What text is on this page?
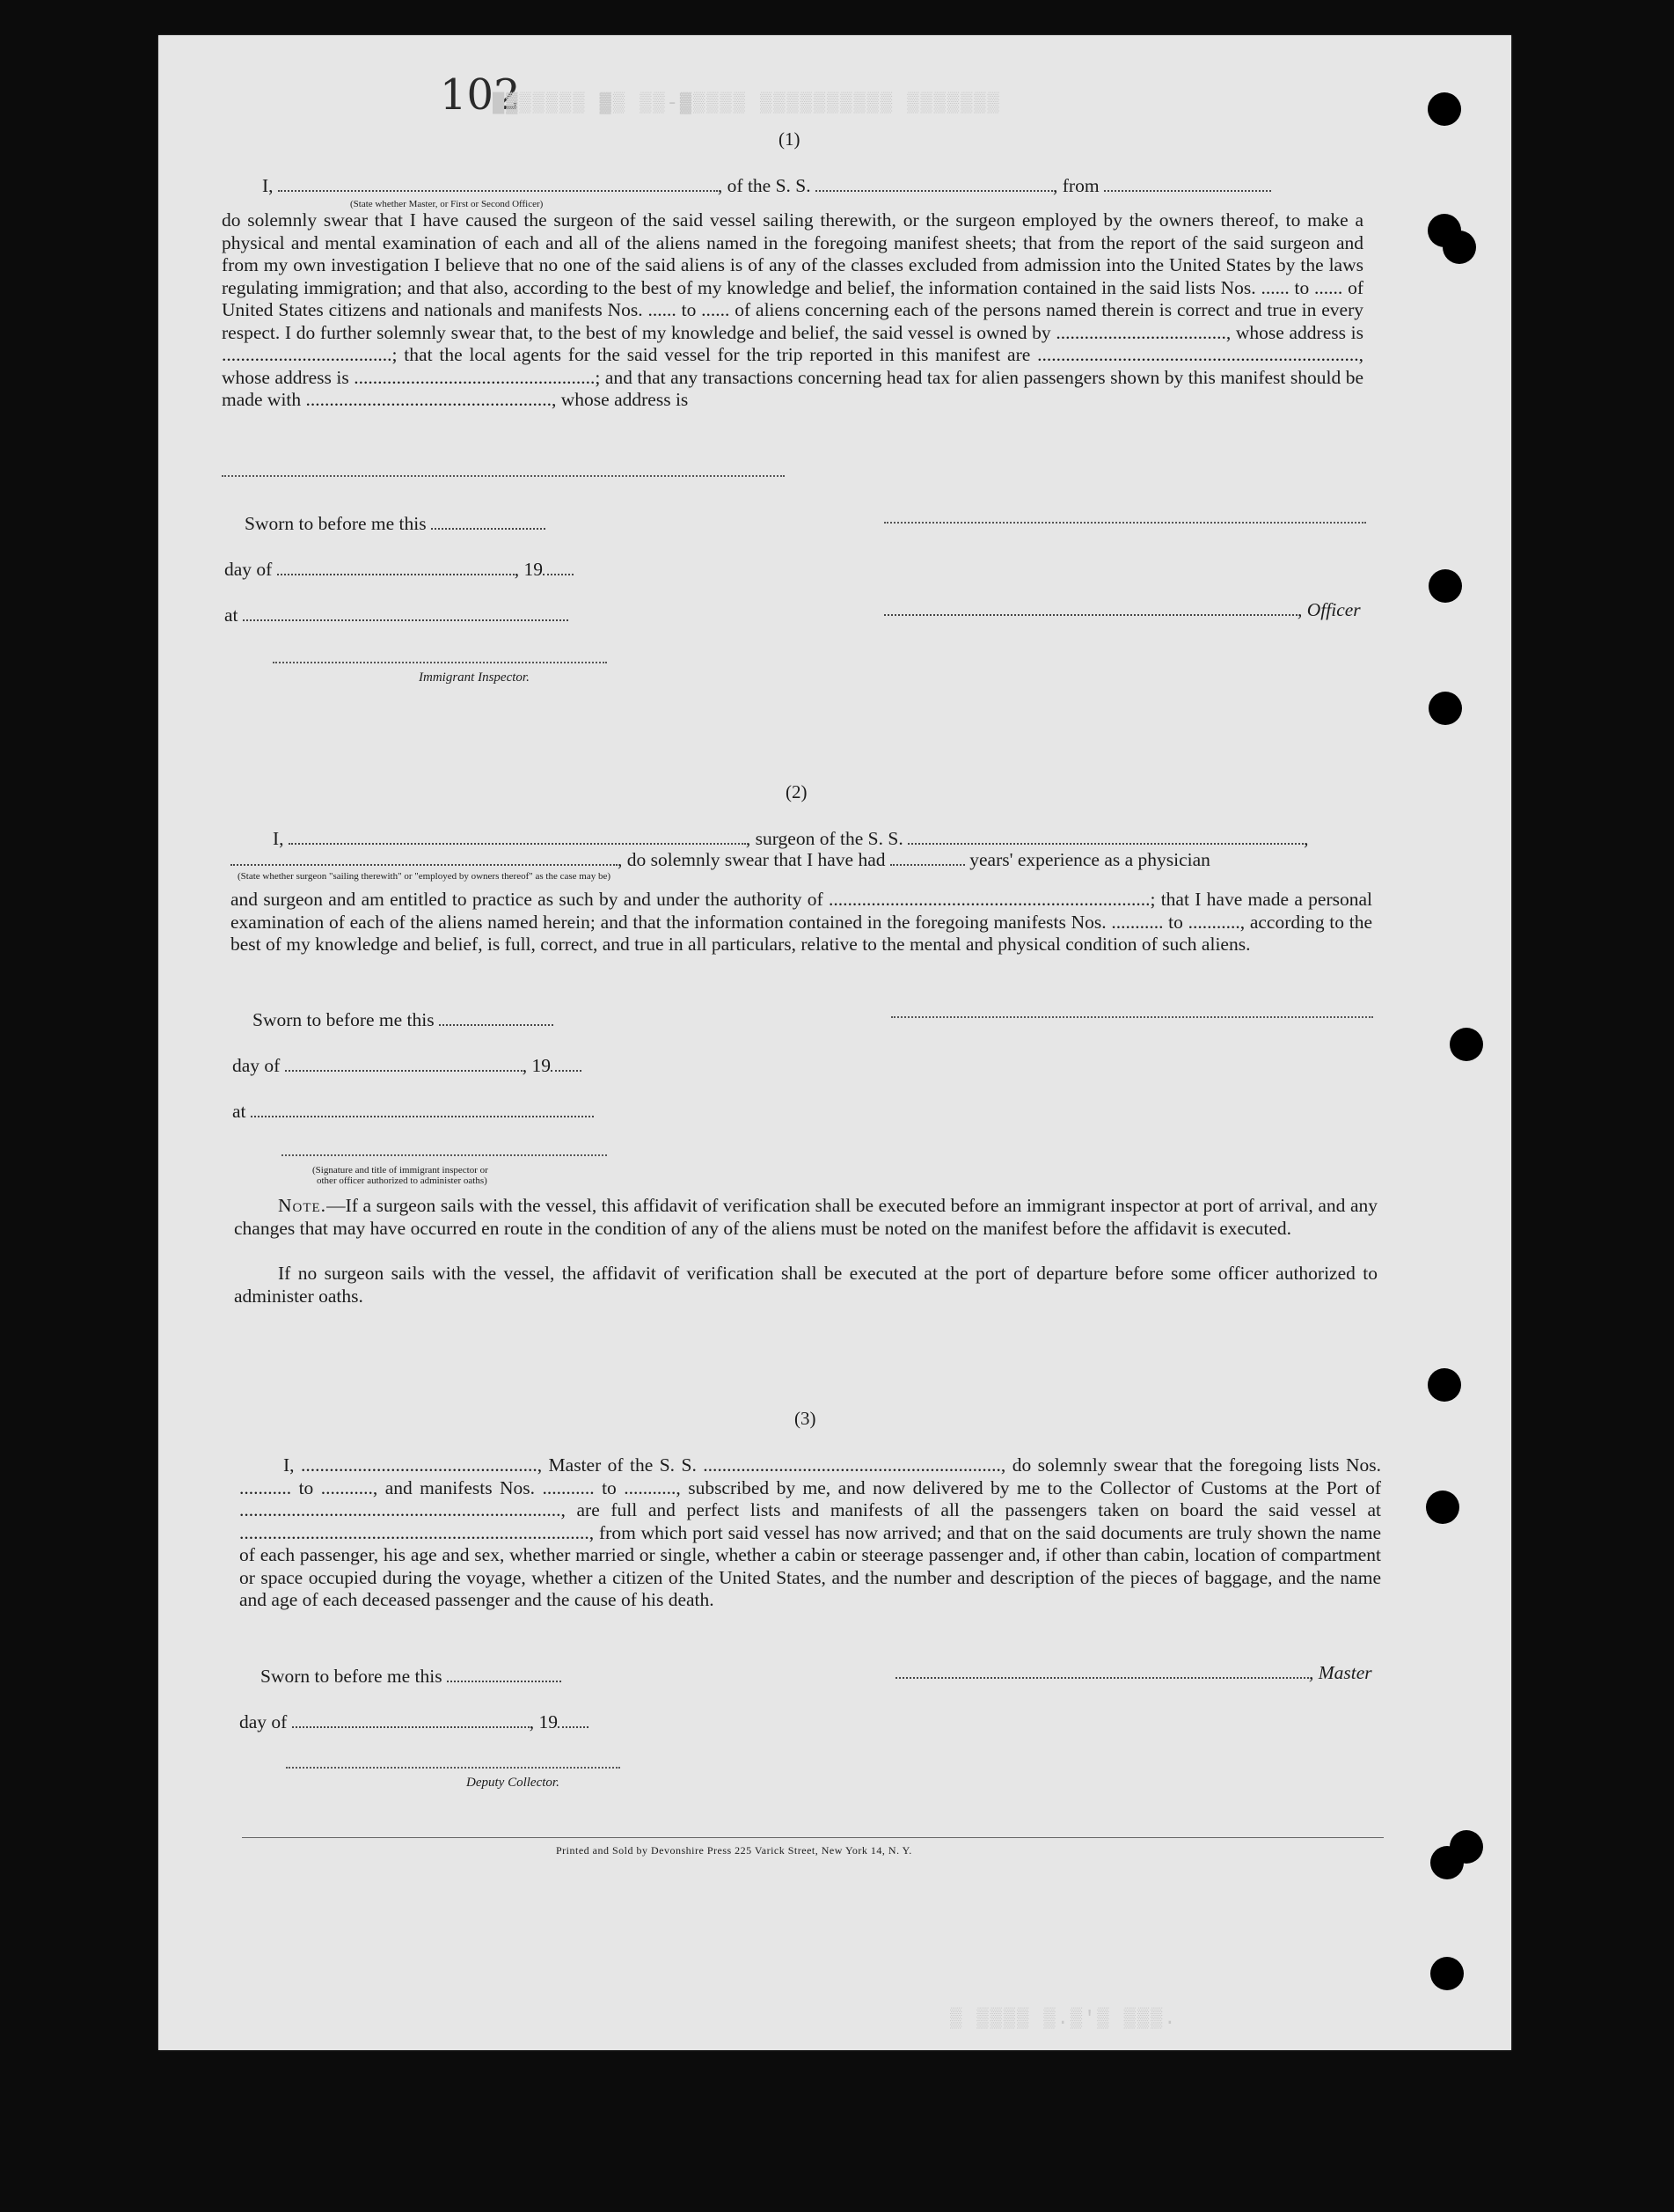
102
█▓▒▒▒▒▒ ▓▒ ▒▒-▓▒▒▒▒ ▒▒▒▒▒▒▒▒▒▒ ▒▒▒▒▒▒▒
(1)
I,	, of the S. S.	, from
(State whether Master, or First or Second Officer)
do solemnly swear that I have caused the surgeon of the said vessel sailing therewith, or the surgeon employed by the owners thereof, to make a physical and mental examination of each and all of the aliens named in the foregoing manifest sheets; that from the report of the said surgeon and from my own investigation I believe that no one of the said aliens is of any of the classes excluded from admission into the United States by the laws regulating immigration; and that also, according to the best of my knowledge and belief, the information contained in the said lists Nos. ...... to ...... of United States citizens and nationals and manifests Nos. ...... to ...... of aliens concerning each of the persons named therein is correct and true in every respect. I do further solemnly swear that, to the best of my knowledge and belief, the said vessel is owned by ...................................., whose address is ....................................; that the local agents for the said vessel for the trip reported in this manifest are ...................................................................., whose address is ...................................................; and that any transactions concerning head tax for alien passengers shown by this manifest should be made with ...................................................., whose address is
Sworn to before me this
day of	, 19
at	, Officer
Immigrant Inspector.
(2)
I,	, surgeon of the S. S.	,
, do solemnly swear that I have had	years' experience as a physician
(State whether surgeon "sailing therewith" or "employed by owners thereof" as the case may be)
and surgeon and am entitled to practice as such by and under the authority of ....................................................................; that I have made a personal examination of each of the aliens named herein; and that the information contained in the foregoing manifests Nos. ........... to ..........., according to the best of my knowledge and belief, is full, correct, and true in all particulars, relative to the mental and physical condition of such aliens.
Sworn to before me this
day of	, 19
at
(Signature and title of immigrant inspector or
other officer authorized to administer oaths)
Note.—If a surgeon sails with the vessel, this affidavit of verification shall be executed before an immigrant inspector at port of arrival, and any changes that may have occurred en route in the condition of any of the aliens must be noted on the manifest before the affidavit is executed.
If no surgeon sails with the vessel, the affidavit of verification shall be executed at the port of departure before some officer authorized to administer oaths.
(3)
I, .................................................., Master of the S. S. ..............................................................., do solemnly swear that the foregoing lists Nos. ........... to ..........., and manifests Nos. ........... to ..........., subscribed by me, and now delivered by me to the Collector of Customs at the Port of ...................................................................., are full and perfect lists and manifests of all the passengers taken on board the said vessel at .........................................................................., from which port said vessel has now arrived; and that on the said documents are truly shown the name of each passenger, his age and sex, whether married or single, whether a cabin or steerage passenger and, if other than cabin, location of compartment or space occupied during the voyage, whether a citizen of the United States, and the number and description of the pieces of baggage, and the name and age of each deceased passenger and the cause of his death.
Sworn to before me this	, Master
day of	, 19
Deputy Collector.
Printed and Sold by Devonshire Press 225 Varick Street, New York 14, N. Y.
▒ ▒▒▒▒ ▒.▒'▒ ▒▒▒.
